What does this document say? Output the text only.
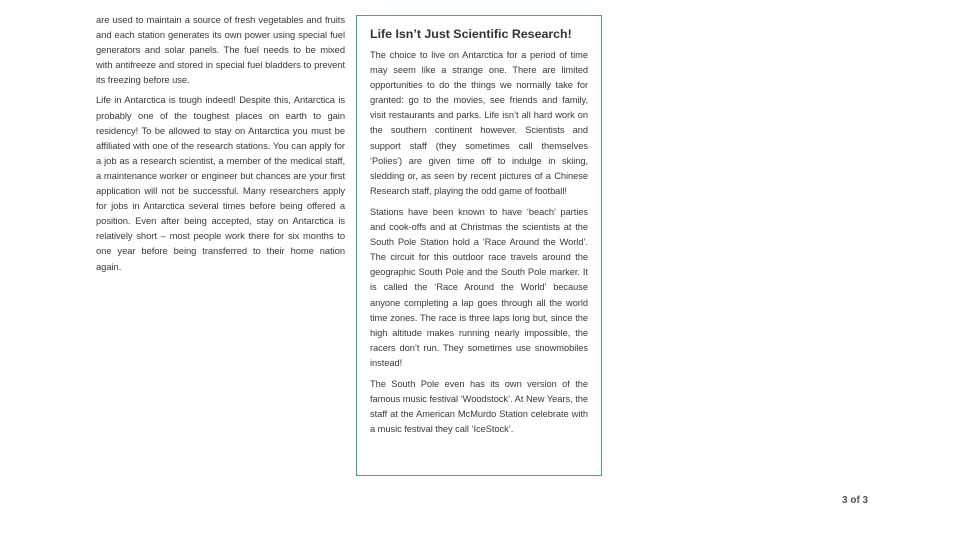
are used to maintain a source of fresh vegetables and fruits and each station generates its own power using special fuel generators and solar panels. The fuel needs to be mixed with antifreeze and stored in special fuel bladders to prevent its freezing before use.

Life in Antarctica is tough indeed! Despite this, Antarctica is probably one of the toughest places on earth to gain residency! To be allowed to stay on Antarctica you must be affiliated with one of the research stations. You can apply for a job as a research scientist, a member of the medical staff, a maintenance worker or engineer but chances are your first application will not be successful. Many researchers apply for jobs in Antarctica several times before being offered a position. Even after being accepted, stay on Antarctica is relatively short – most people work there for six months to one year before being transferred to their home nation again.

Life Isn’t Just Scientific Research!

The choice to live on Antarctica for a period of time may seem like a strange one. There are limited opportunities to do the things we normally take for granted: go to the movies, see friends and family, visit restaurants and parks. Life isn’t all hard work on the southern continent however. Scientists and support staff (they sometimes call themselves ‘Polies’) are given time off to indulge in skiing, sledding or, as seen by recent pictures of a Chinese Research staff, playing the odd game of football!

Stations have been known to have ‘beach’ parties and cook-offs and at Christmas the scientists at the South Pole Station hold a ‘Race Around the World’. The circuit for this outdoor race travels around the geographic South Pole and the South Pole marker. It is called the ‘Race Around the World’ because anyone completing a lap goes through all the world time zones. The race is three laps long but, since the high altitude makes running nearly impossible, the racers don’t run. They sometimes use snowmobiles instead!

The South Pole even has its own version of the famous music festival ‘Woodstock’. At New Years, the staff at the American McMurdo Station celebrate with a music festival they call ‘IceStock’.

3 of 3
